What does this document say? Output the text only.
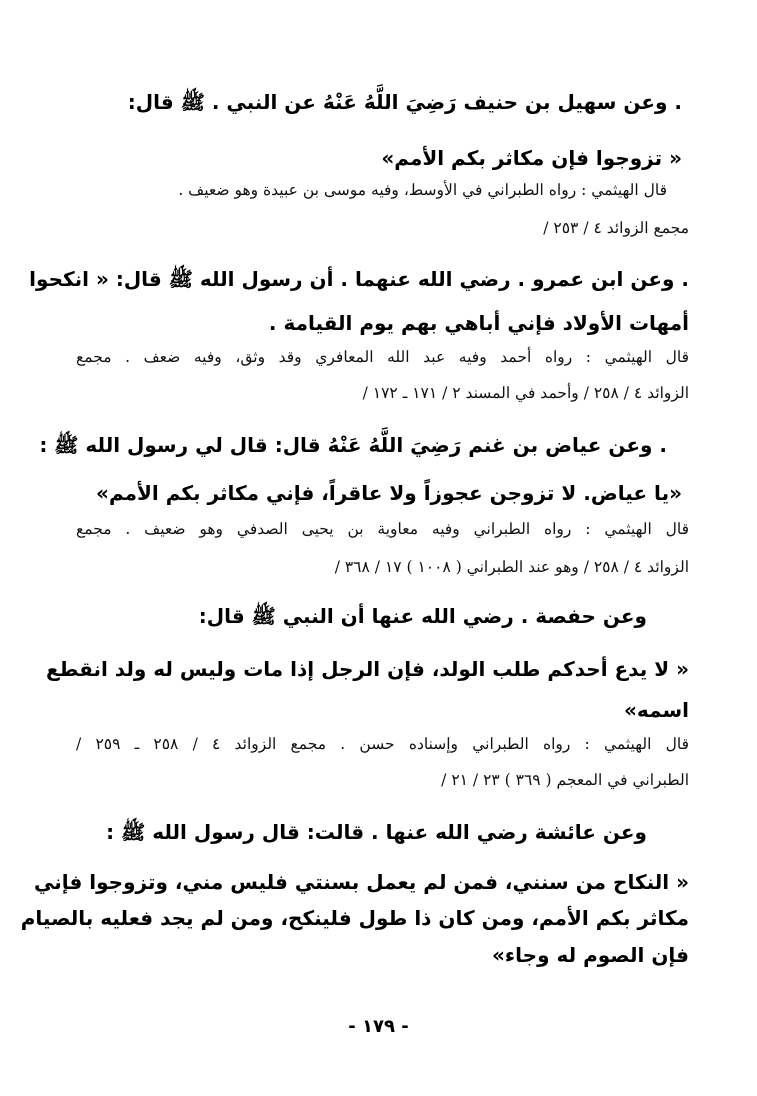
. وعن سهيل بن حنيف رَضِيَ اللَّهُ عَنْهُ عن النبي . ﷺ قال:
« تزوجوا فإن مكاثر بكم الأمم»
قال الهيثمي : رواه الطبراني في الأوسط، وفيه موسى بن عبيدة وهو ضعيف .
مجمع الزوائد ٤ / ٢٥٣ /
. وعن ابن عمرو . رضي الله عنهما . أن رسول الله ﷺ قال: « انكحوا
أمهات الأولاد فإني أباهي بهم يوم القيامة .
قال الهيثمي : رواه أحمد وفيه عبد الله المعافري وقد وثق، وفيه ضعف . مجمع
الزوائد ٤ / ٢٥٨ / وأحمد في المسند ٢ / ١٧١ ـ ١٧٢ /
. وعن عياض بن غنم رَضِيَ اللَّهُ عَنْهُ قال: قال لي رسول الله ﷺ :
«يا عياض. لا تزوجن عجوزاً ولا عاقراً، فإني مكاثر بكم الأمم»
قال الهيثمي : رواه الطبراني وفيه معاوية بن يحيى الصدفي وهو ضعيف . مجمع
الزوائد ٤ / ٢٥٨ / وهو عند الطبراني ( ١٠٠٨ ) ١٧ / ٣٦٨ /
وعن حفصة . رضي الله عنها أن النبي ﷺ قال:
« لا يدع أحدكم طلب الولد، فإن الرجل إذا مات وليس له ولد انقطع
اسمه»
قال الهيثمي : رواه الطبراني وإسناده حسن . مجمع الزوائد ٤ / ٢٥٨ ـ ٢٥٩ /
الطبراني في المعجم ( ٣٦٩ ) ٢٣ / ٢١ /
وعن عائشة رضي الله عنها . قالت: قال رسول الله ﷺ :
« النكاح من سنني، فمن لم يعمل بسنتي فليس مني، وتزوجوا فإني
مكاثر بكم الأمم، ومن كان ذا طول فلينكح، ومن لم يجد فعليه بالصيام
فإن الصوم له وجاء»
- ١٧٩ -
